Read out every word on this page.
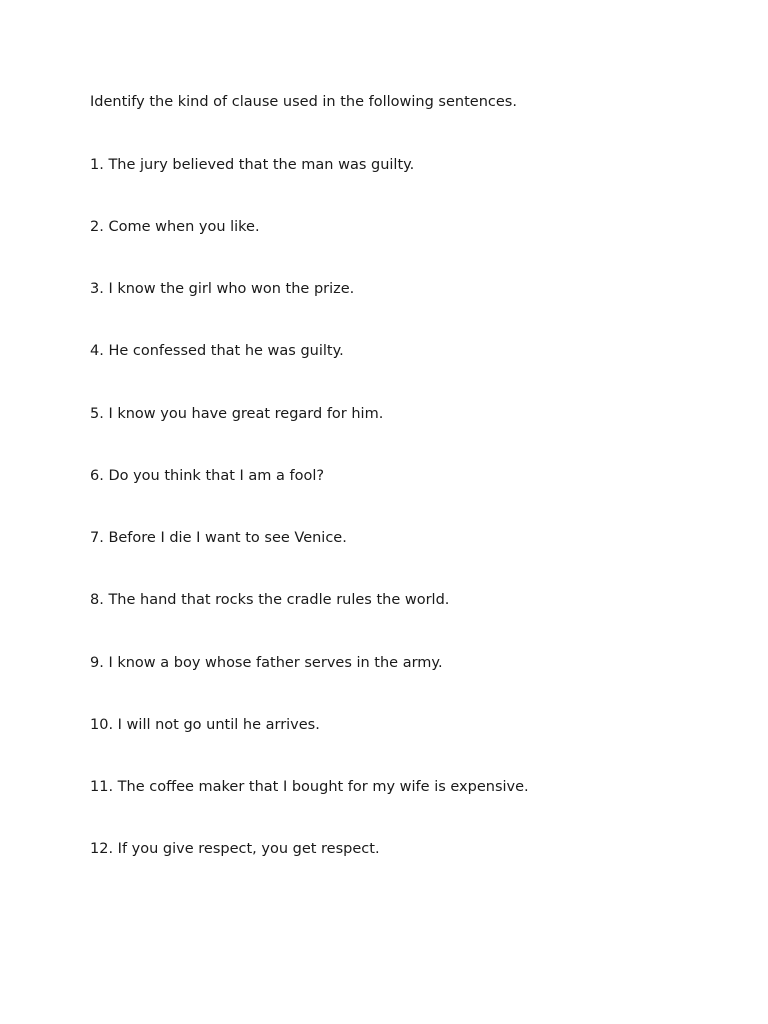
Identify the kind of clause used in the following sentences.
1. The jury believed that the man was guilty.
2. Come when you like.
3. I know the girl who won the prize.
4. He confessed that he was guilty.
5. I know you have great regard for him.
6. Do you think that I am a fool?
7. Before I die I want to see Venice.
8. The hand that rocks the cradle rules the world.
9. I know a boy whose father serves in the army.
10. I will not go until he arrives.
11. The coffee maker that I bought for my wife is expensive.
12. If you give respect, you get respect.
